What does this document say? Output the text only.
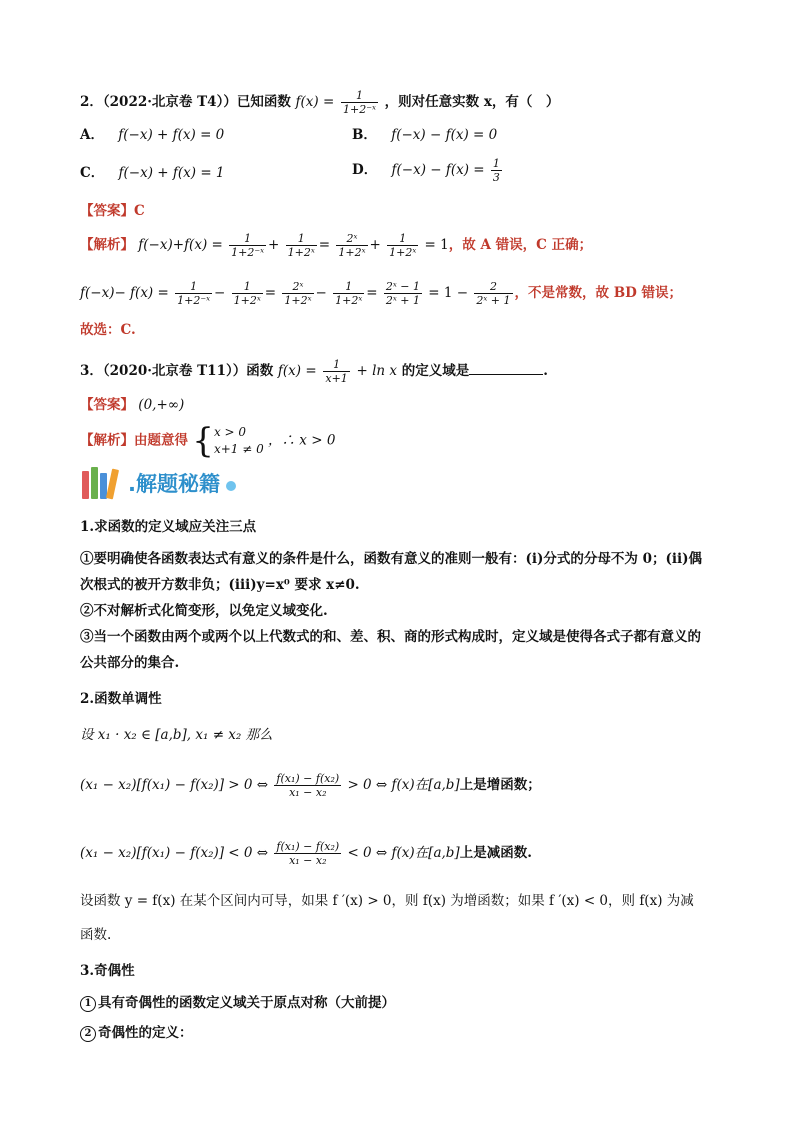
2．（2022·北京卷 T4））已知函数 $f(x) = \frac{1}{\text{1+2⁻ˣ}}$ ，则对任意实数 x，有（　）
A． f(−x) + f(x) = 0	B． f(−x) − f(x) = 0
C． f(−x) + f(x) = 1	D． $f(-x) - f(x) = \frac{1}{3}$
【答案】C
【解析】 $f(-x)+f(x) = \frac{1}{\text{1+2⁻ˣ}} + \frac{1}{\text{1+2ˣ}} = \frac{\text{2ˣ}}{\text{1+2ˣ}} + \frac{1}{\text{1+2ˣ}} = 1$，故 A 错误，C 正确；
$f(-x)- f(x) = \frac{1}{\text{1+2⁻ˣ}} - \frac{1}{\text{1+2ˣ}} = \frac{\text{2ˣ}}{\text{1+2ˣ}} - \frac{1}{\text{1+2ˣ}} = \frac{\text{2ˣ − 1}}{\text{2ˣ + 1}} = 1 - \frac{2}{\text{2ˣ + 1}}$ ，不是常数，故 BD 错误；
故选：C.
3．（2020·北京卷 T11））函数 $f(x) = \frac{1}{x+1} + \ln x$ 的定义域是	.
【答案】 (0,+∞)
【解析】由题意得 { x > 0
x+1 ≠ 0
，∴ x > 0
.解题秘籍
1.求函数的定义域应关注三点
①要明确使各函数表达式有意义的条件是什么，函数有意义的准则一般有：(ⅰ)分式的分母不为 0；(ⅱ)偶
次根式的被开方数非负；(ⅲ)y=x⁰ 要求 x≠0.
②不对解析式化简变形，以免定义域变化.
③当一个函数由两个或两个以上代数式的和、差、积、商的形式构成时，定义域是使得各式子都有意义的
公共部分的集合.
2.函数单调性
设 x₁ · x₂ ∈ [a,b], x₁ ≠ x₂ 那么
(x₁ − x₂)[f(x₁) − f(x₂)] > 0 ⇔ $\frac{\text{f(x₁) − f(x₂)}}{\text{x₁ − x₂}} > 0$ ⇔ f(x)在[a,b]上是增函数；
(x₁ − x₂)[f(x₁) − f(x₂)] < 0 ⇔ $\frac{\text{f(x₁) − f(x₂)}}{\text{x₁ − x₂}} < 0$ ⇔ f(x)在[a,b]上是减函数.
设函数 y = f(x) 在某个区间内可导，如果 f ′(x) > 0，则 f(x) 为增函数；如果 f ′(x) < 0，则 f(x) 为减
函数.
3.奇偶性
1 具有奇偶性的函数定义域关于原点对称（大前提）
2 奇偶性的定义：
